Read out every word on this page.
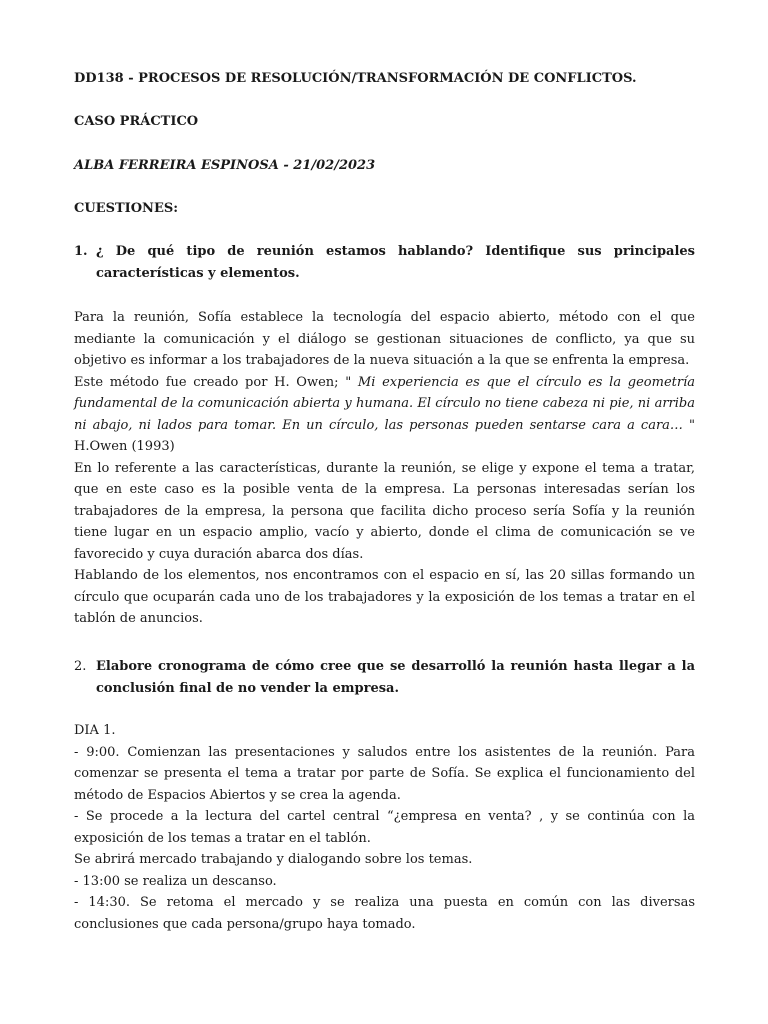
DD138 - PROCESOS DE RESOLUCIÓN/TRANSFORMACIÓN DE CONFLICTOS.
CASO PRÁCTICO
ALBA FERREIRA ESPINOSA - 21/02/2023
CUESTIONES:
1. ¿ De qué tipo de reunión estamos hablando? Identifique sus principales características y elementos.

Para la reunión, Sofía establece la tecnología del espacio abierto, método con el que mediante la comunicación y el diálogo se gestionan situaciones de conflicto, ya que su objetivo es informar a los trabajadores de la nueva situación a la que se enfrenta la empresa.

Este método fue creado por H. Owen; " Mi experiencia es que el círculo es la geometría fundamental de la comunicación abierta y humana. El círculo no tiene cabeza ni pie, ni arriba ni abajo, ni lados para tomar. En un círculo, las personas pueden sentarse cara a cara… " H.Owen (1993)

En lo referente a las características, durante la reunión, se elige y expone el tema a tratar, que en este caso es la posible venta de la empresa. La personas interesadas serían los trabajadores de la empresa, la persona que facilita dicho proceso sería Sofía y la reunión tiene lugar en un espacio amplio, vacío y abierto, donde el clima de comunicación se ve favorecido y cuya duración abarca dos días.

Hablando de los elementos, nos encontramos con el espacio en sí, las 20 sillas formando un círculo que ocuparán cada uno de los trabajadores y la exposición de los temas a tratar en el tablón de anuncios.

2. Elabore cronograma de cómo cree que se desarrolló la reunión hasta llegar a la conclusión final de no vender la empresa.

DIA 1.

- 9:00. Comienzan las presentaciones y saludos entre los asistentes de la reunión. Para comenzar se presenta el tema a tratar por parte de Sofía. Se explica el funcionamiento del método de Espacios Abiertos y se crea la agenda.

- Se procede a la lectura del cartel central “¿empresa en venta? , y se continúa con la exposición de los temas a tratar en el tablón.

Se abrirá mercado trabajando y dialogando sobre los temas.

- 13:00 se realiza un descanso.

- 14:30. Se retoma el mercado y se realiza una puesta en común con las diversas conclusiones que cada persona/grupo haya tomado.
